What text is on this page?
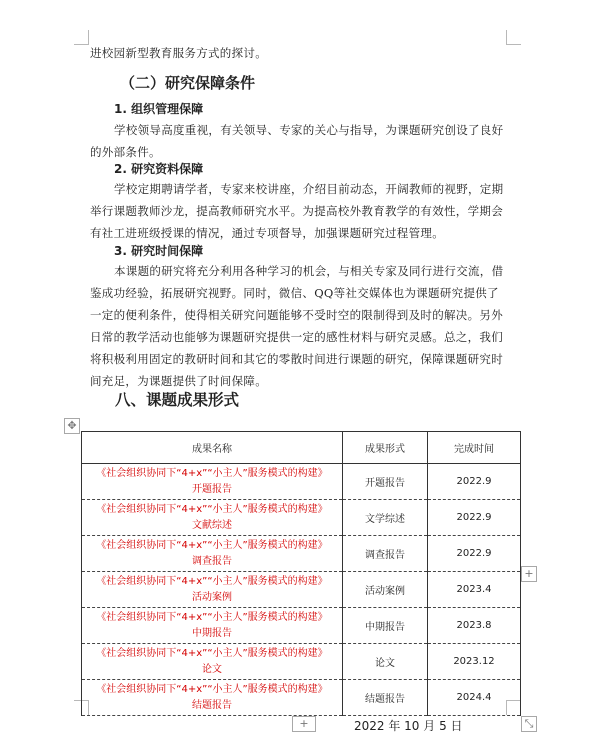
进校园新型教育服务方式的探讨。
（二）研究保障条件
1. 组织管理保障
学校领导高度重视，有关领导、专家的关心与指导，为课题研究创设了良好的外部条件。
2. 研究资料保障
学校定期聘请学者，专家来校讲座，介绍目前动态，开阔教师的视野，定期举行课题教师沙龙，提高教师研究水平。为提高校外教育教学的有效性，学期会有社工进班级授课的情况，通过专项督导，加强课题研究过程管理。
3. 研究时间保障
本课题的研究将充分利用各种学习的机会，与相关专家及同行进行交流，借鉴成功经验，拓展研究视野。同时，微信、QQ等社交媒体也为课题研究提供了一定的便利条件，使得相关研究问题能够不受时空的限制得到及时的解决。另外日常的教学活动也能够为课题研究提供一定的感性材料与研究灵感。总之，我们将积极利用固定的教研时间和其它的零散时间进行课题的研究，保障课题研究时间充足，为课题提供了时间保障。
八、课题成果形式
✥
成果名称	成果形式	完成时间
《社会组织协同下“4+x”“小主人”服务模式的构建》
开题报告	开题报告	2022.9
《社会组织协同下“4+x”“小主人”服务模式的构建》
文献综述	文学综述	2022.9
《社会组织协同下“4+x”“小主人”服务模式的构建》
调查报告	调查报告	2022.9
《社会组织协同下“4+x”“小主人”服务模式的构建》
活动案例	活动案例	2023.4
《社会组织协同下“4+x”“小主人”服务模式的构建》
中期报告	中期报告	2023.8
《社会组织协同下“4+x”“小主人”服务模式的构建》
论文	论文	2023.12
《社会组织协同下“4+x”“小主人”服务模式的构建》
结题报告	结题报告	2024.4
+
+	⤡
2022 年 10 月 5 日
